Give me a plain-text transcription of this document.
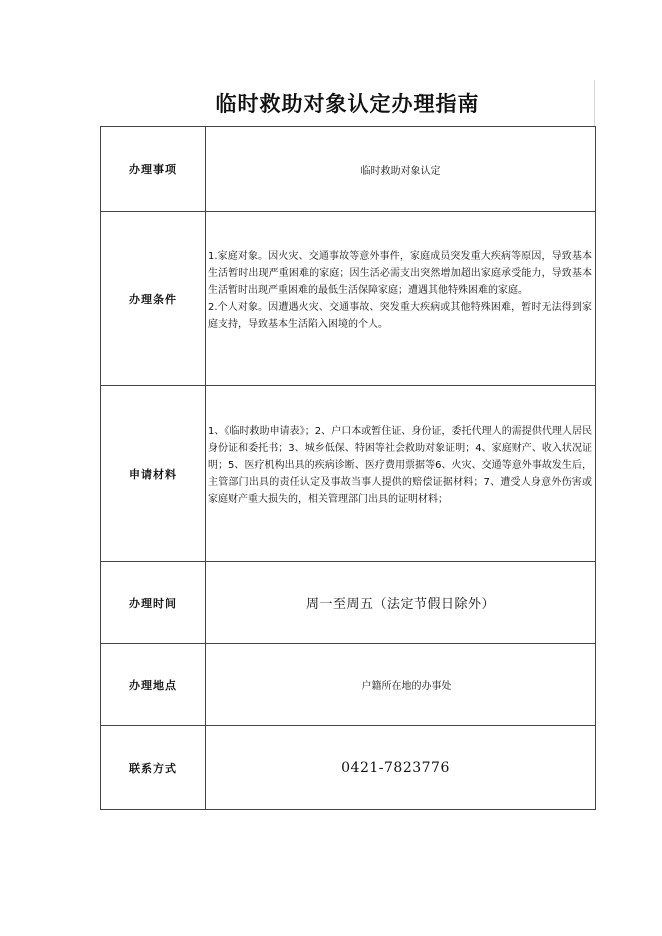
临时救助对象认定办理指南
办理事项	临时救助对象认定

办理条件	1.家庭对象。因火灾、交通事故等意外事件，家庭成员突发重大疾病等原因，导致基本生活暂时出现严重困难的家庭；因生活必需支出突然增加超出家庭承受能力，导致基本生活暂时出现严重困难的最低生活保障家庭；遭遇其他特殊困难的家庭。
2.个人对象。因遭遇火灾、交通事故、突发重大疾病或其他特殊困难，暂时无法得到家庭支持，导致基本生活陷入困境的个人。

申请材料	1、《临时救助申请表》；2、户口本或暂住证、身份证，委托代理人的需提供代理人居民身份证和委托书；3、城乡低保、特困等社会救助对象证明；4、家庭财产、收入状况证明；5、医疗机构出具的疾病诊断、医疗费用票据等6、火灾、交通等意外事故发生后，主管部门出具的责任认定及事故当事人提供的赔偿证据材料；7、遭受人身意外伤害或家庭财产重大损失的，相关管理部门出具的证明材料；

办理时间	周一至周五（法定节假日除外）

办理地点	户籍所在地的办事处

联系方式	0421-7823776
